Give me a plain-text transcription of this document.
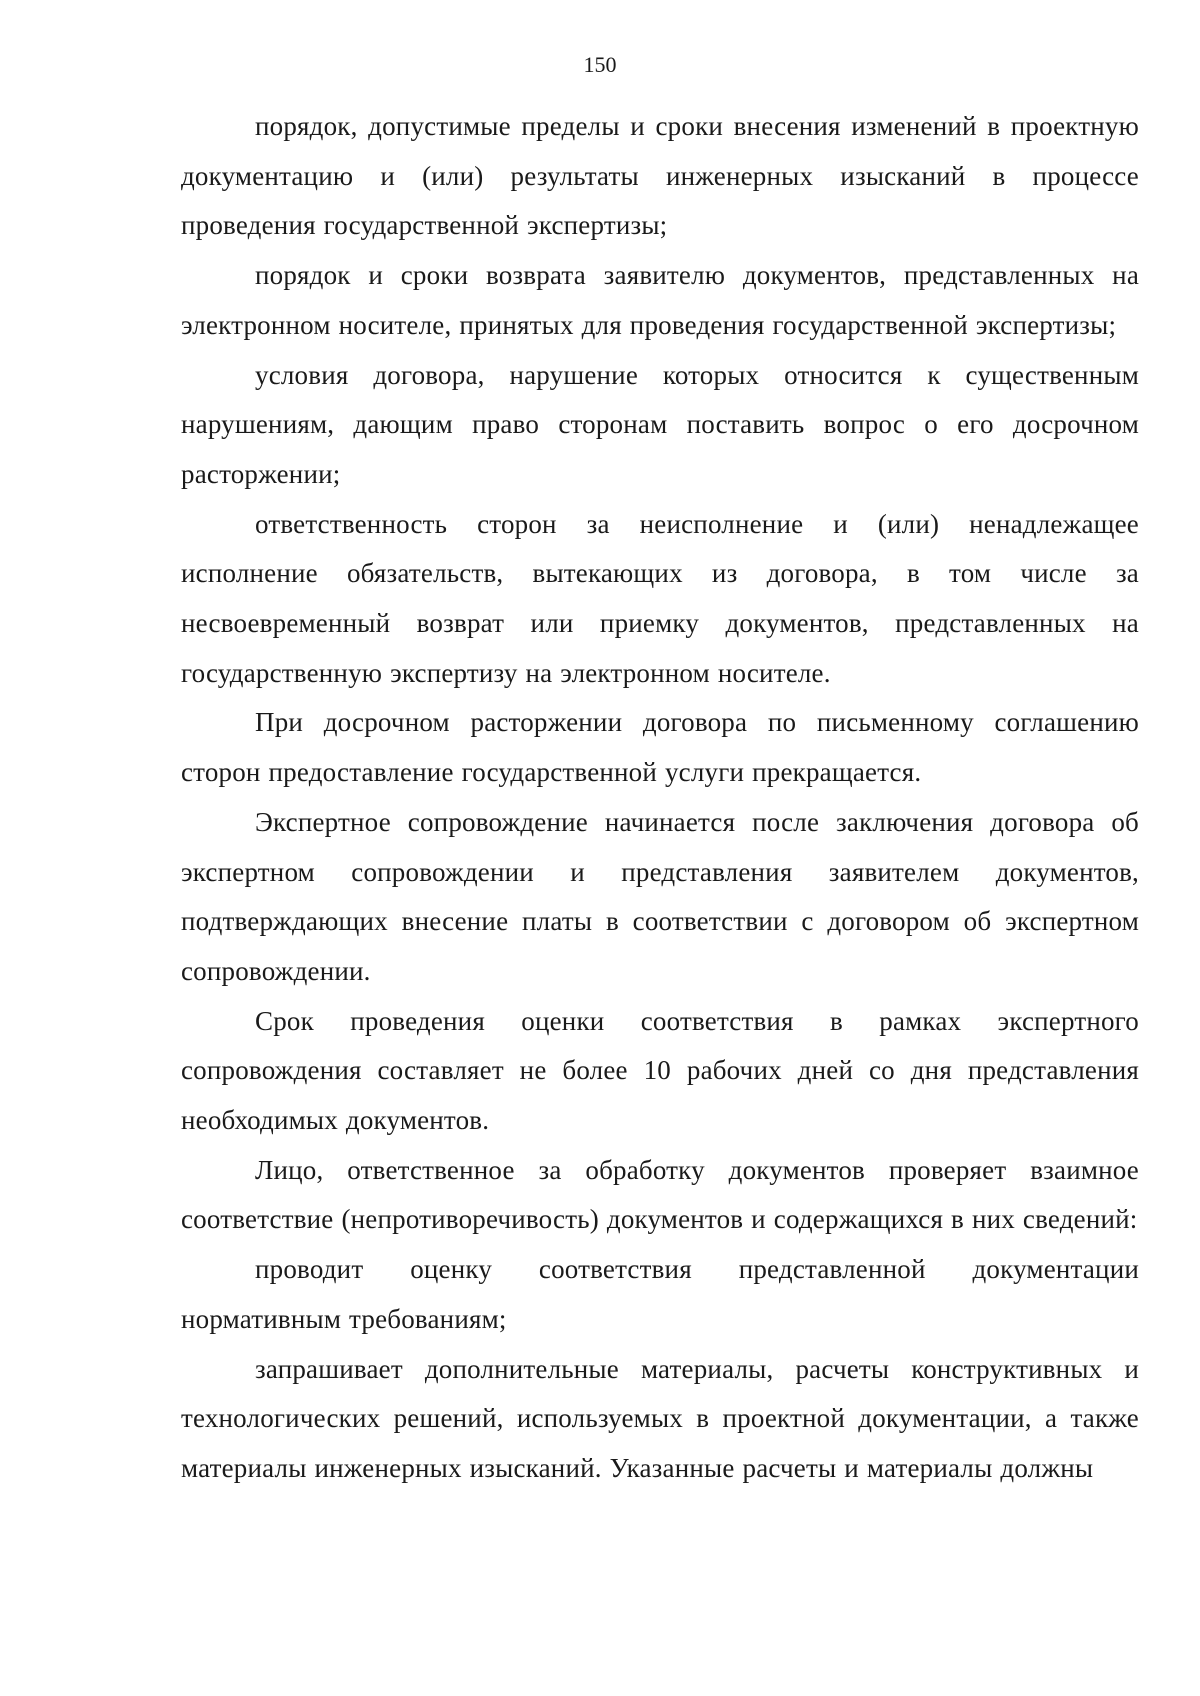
150

порядок, допустимые пределы и сроки внесения изменений в проектную документацию и (или) результаты инженерных изысканий в процессе проведения государственной экспертизы;

порядок и сроки возврата заявителю документов, представленных на электронном носителе, принятых для проведения государственной экспертизы;

условия договора, нарушение которых относится к существенным нарушениям, дающим право сторонам поставить вопрос о его досрочном расторжении;

ответственность сторон за неисполнение и (или) ненадлежащее исполнение обязательств, вытекающих из договора, в том числе за несвоевременный возврат или приемку документов, представленных на государственную экспертизу на электронном носителе.

При досрочном расторжении договора по письменному соглашению сторон предоставление государственной услуги прекращается.

Экспертное сопровождение начинается после заключения договора об экспертном сопровождении и представления заявителем документов, подтверждающих внесение платы в соответствии с договором об экспертном сопровождении.

Срок проведения оценки соответствия в рамках экспертного сопровождения составляет не более 10 рабочих дней со дня представления необходимых документов.

Лицо, ответственное за обработку документов проверяет взаимное соответствие (непротиворечивость) документов и содержащихся в них сведений:

проводит оценку соответствия представленной документации нормативным требованиям;

запрашивает дополнительные материалы, расчеты конструктивных и технологических решений, используемых в проектной документации, а также материалы инженерных изысканий. Указанные расчеты и материалы должны
